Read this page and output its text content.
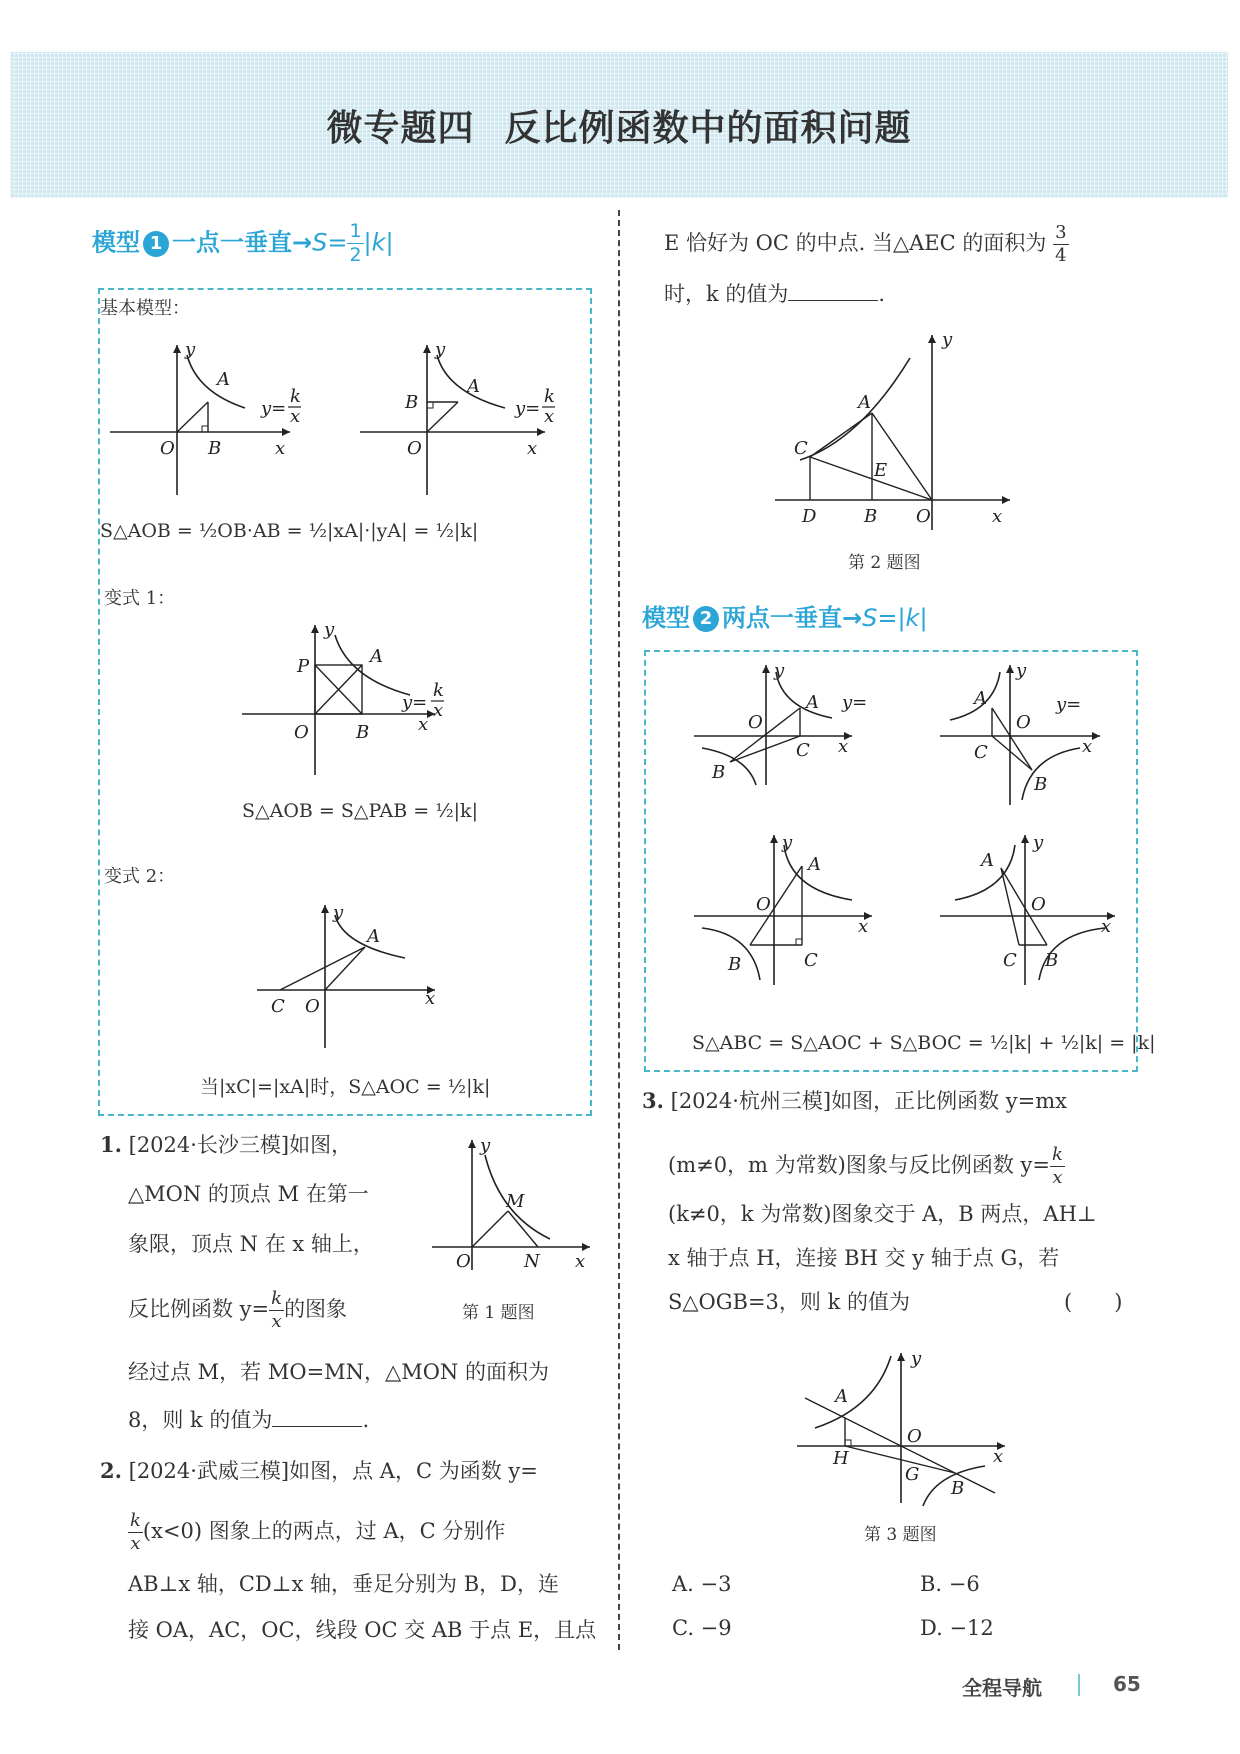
微专题四 反比例函数中的面积问题
模型 1 一点一垂直$\to S= \frac{1}{2} |k|$
基本模型：
y
A
O B	x
y=
k
x
y
A
B
O	x
y=
k
x
S△AOB = ½OB·AB = ½|xA|·|yA| = ½|k|
变式 1：
y
A
P
O	B	x
y=
k
x
S△AOB = S△PAB = ½|k|
变式 2：
y
A
C O	x
当|xC|=|xA|时，S△AOC = ½|k|
1. [2024·长沙三模]如图，
△MON 的顶点 M 在第一
象限，顶点 N 在 x 轴上，
反比例函数 $y= \frac{k}{x}$ 的图象
y
M
O	N x
第 1 题图
经过点 M，若 MO=MN，△MON 的面积为
8，则 k 的值为	.
2. [2024·武威三模]如图，点 A，C 为函数 y=
$\frac{k}{x} (x<0)$ 图象上的两点，过 A，C 分别作
AB⊥x 轴，CD⊥x 轴，垂足分别为 B，D，连
接 OA，AC，OC，线段 OC 交 AB 于点 E，且点
E 恰好为 OC 的中点. 当△AEC 的面积为 $\frac{3}{4}$
时，k 的值为	.
y
A
C
E
D	B O	x
第 2 题图
模型 2 两点一垂直→S=|k|
y
A
O
C
B
x
y=
y
A
O
C
B
x
y=
y
A
O
C
B
x
y
A
O
C B
x
S△ABC = S△AOC + S△BOC = ½|k| + ½|k| = |k|
3. [2024·杭州三模]如图，正比例函数 y=mx
(m≠0，m 为常数)图象与反比例函数 $y= \frac{k}{x}$
(k≠0，k 为常数)图象交于 A，B 两点，AH⊥
x 轴于点 H，连接 BH 交 y 轴于点 G，若
S△OGB=3，则 k 的值为	(　　)
y
A
O
H
G
B
x
第 3 题图
A. −3	B. −6
C. −9	D. −12
全程导航	65
